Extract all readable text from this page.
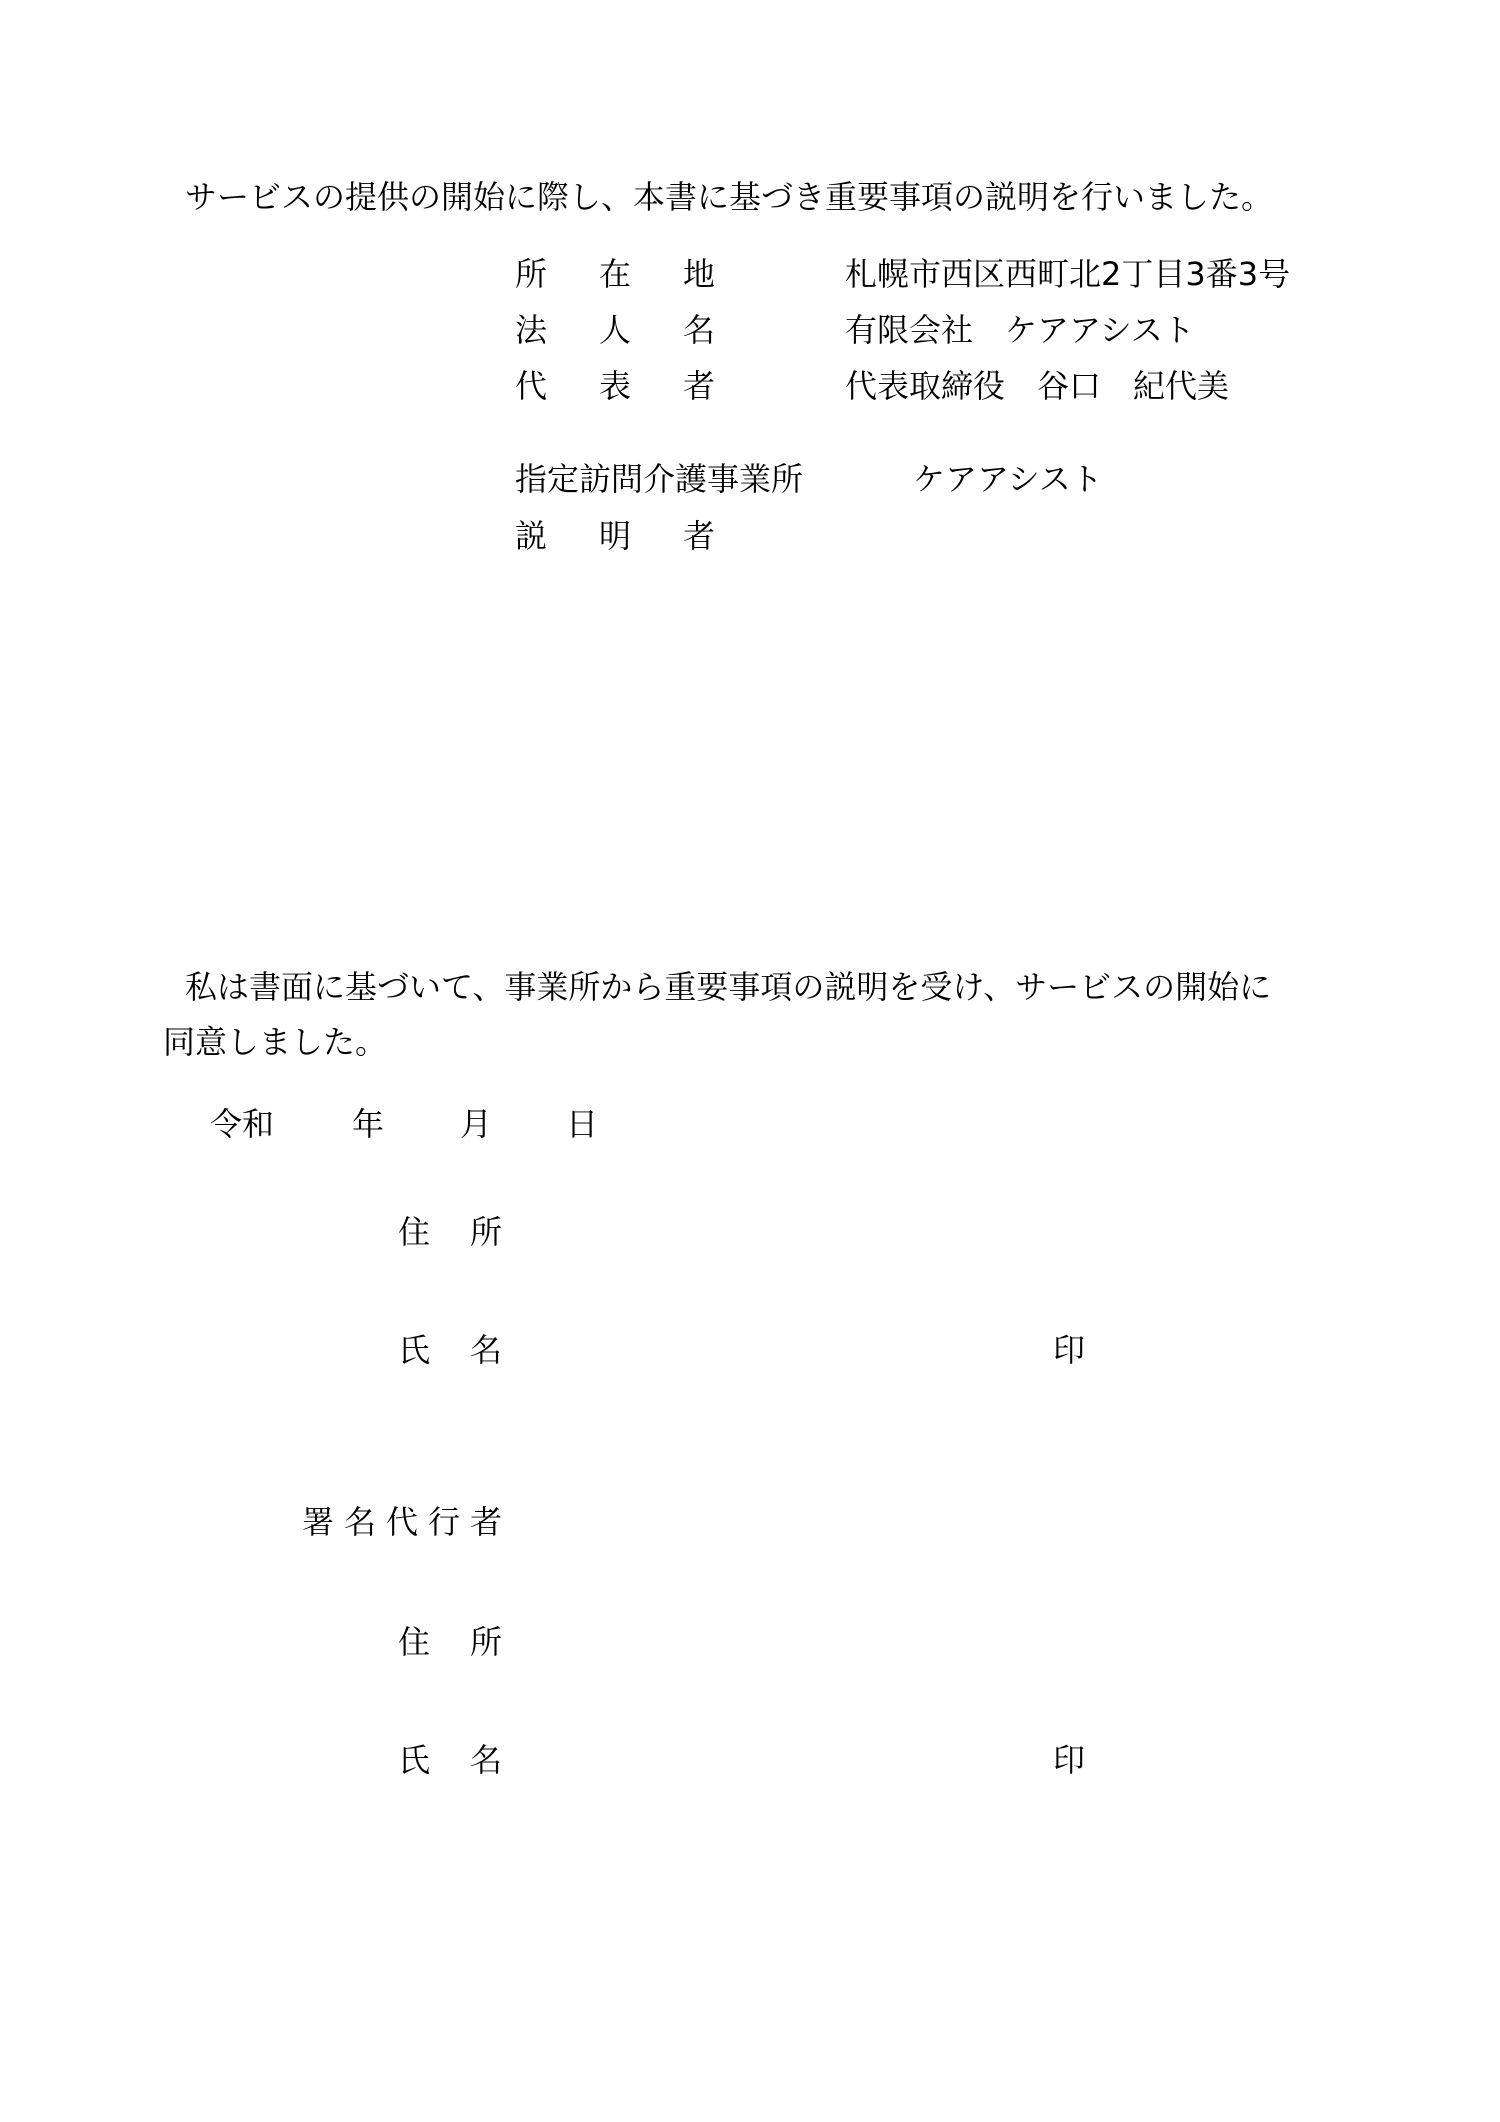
サービスの提供の開始に際し、本書に基づき重要事項の説明を行いました。
所 在 地	札幌市西区西町北2丁目3番3号
法 人 名	有限会社　ケアアシスト
代 表 者	代表取締役　谷口　紀代美
指定訪問介護事業所	ケアアシスト
説 明 者
私は書面に基づいて、事業所から重要事項の説明を受け、サービスの開始に
同意しました。
令和 年 月 日
住 所
氏 名	印
署 名 代 行 者
住 所
氏 名	印
